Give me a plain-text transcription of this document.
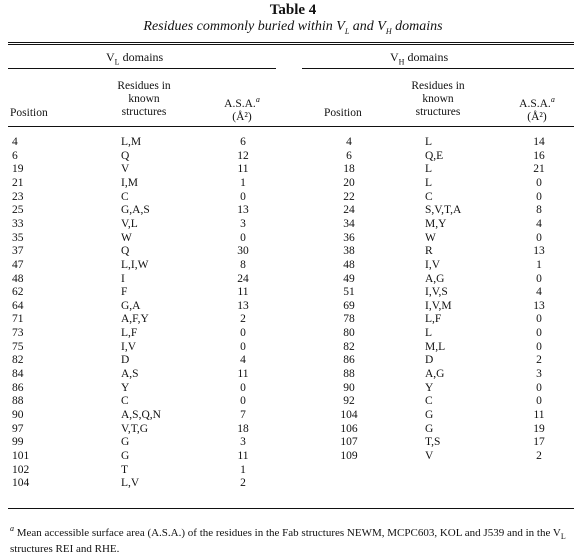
Table 4
Residues commonly buried within $V_L$ and $V_H$ domains
$V_L$ domains	$V_H$ domains
Position
Residues in
known
structures
A.S.A.$^a$
(Å²)	Position
Residues in
known
structures
A.S.A.$^a$
(Å²)
4	L,M	6
6	Q	12
19	V	11
21	I,M	1
23	C	0
25	G,A,S	13
33	V,L	3
35	W	0
37	Q	30
47	L,I,W	8
48	I	24
62	F	11
64	G,A	13
71	A,F,Y	2
73	L,F	0
75	I,V	0
82	D	4
84	A,S	11
86	Y	0
88	C	0
90	A,S,Q,N	7
97	V,T,G	18
99	G	3
101	G	11
102	T	1
104	L,V	2
4	L	14
6	Q,E	16
18	L	21
20	L	0
22	C	0
24	S,V,T,A	8
34	M,Y	4
36	W	0
38	R	13
48	I,V	1
49	A,G	0
51	I,V,S	4
69	I,V,M	13
78	L,F	0
80	L	0
82	M,L	0
86	D	2
88	A,G	3
90	Y	0
92	C	0
104	G	11
106	G	19
107	T,S	17
109	V	2
$^a$ Mean accessible surface area (A.S.A.) of the residues in the Fab structures NEWM, MCPC603, KOL and J539 and in the $V_L$ structures REI and RHE.
